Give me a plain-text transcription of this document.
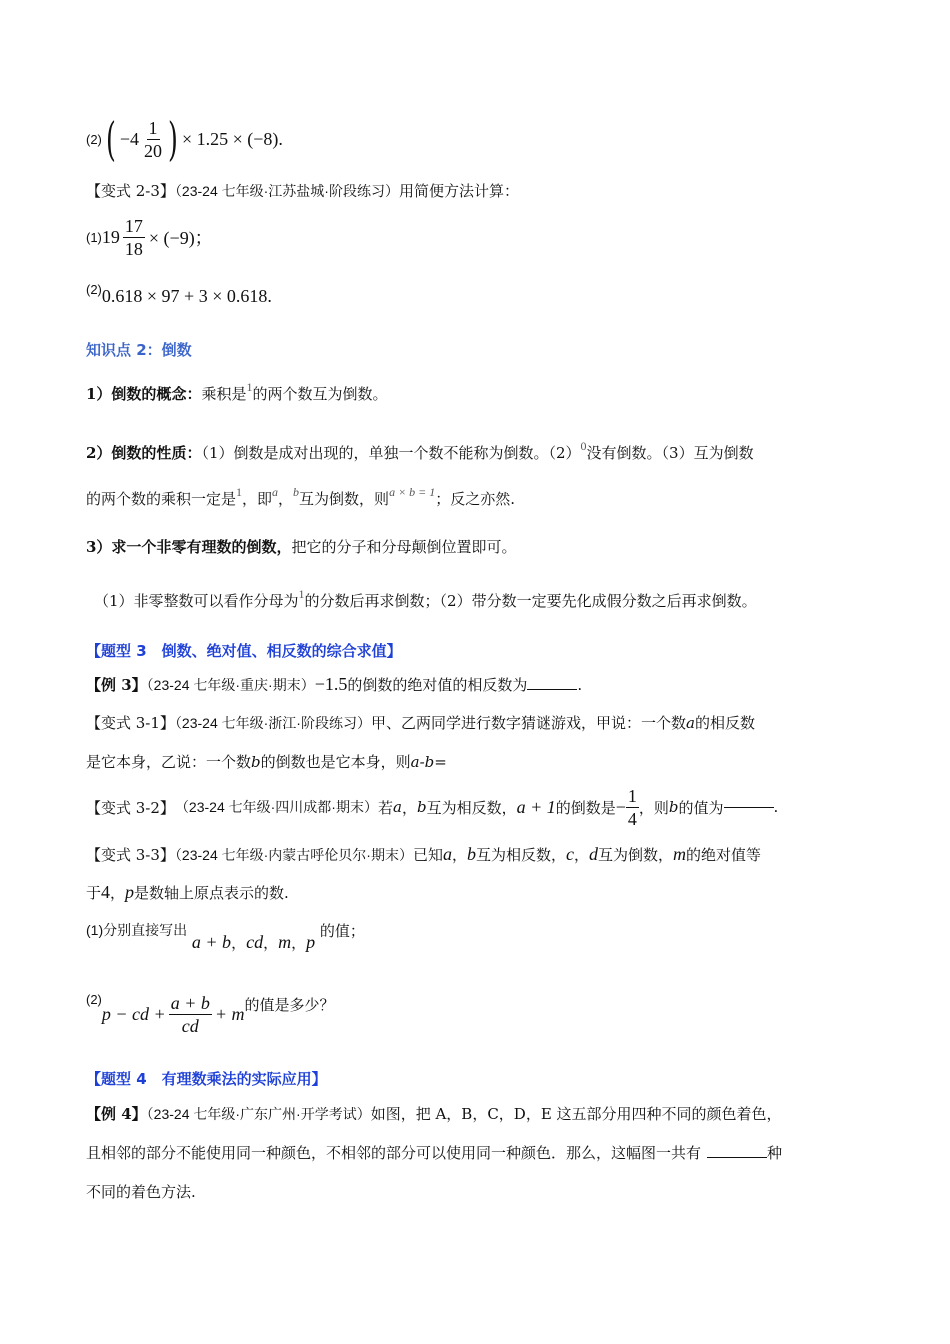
(2) ( $-4 \frac{1}{20}$ ) × 1.25 × (−8).
【变式 2-3】（23-24 七年级·江苏盐城·阶段练习）用简便方法计算：
(1) $19 \frac{17}{18} \times (-9)$；
(2)0.618 × 97 + 3 × 0.618.
知识点 2：倒数
1）倒数的概念：乘积是$^1$的两个数互为倒数。
2）倒数的性质：（1）倒数是成对出现的，单独一个数不能称为倒数。$(2)^0$没有倒数。（3）互为倒数
的两个数的乘积一定是$^1$，即$^a$，$^b$互为倒数，则$^{a \times b = 1}$；反之亦然.
3）求一个非零有理数的倒数，把它的分子和分母颠倒位置即可。
（1）非零整数可以看作分母为$^1$的分数后再求倒数；（2）带分数一定要先化成假分数之后再求倒数。
【题型 3　倒数、绝对值、相反数的综合求值】
【例 3】（23-24 七年级·重庆·期末）−1.5的倒数的绝对值的相反数为	.
【变式 3-1】（23-24 七年级·浙江·阶段练习）甲、乙两同学进行数字猜谜游戏，甲说：一个数a的相反数
是它本身，乙说：一个数b的倒数也是它本身，则a-b=
【变式 3-2】 （23-24 七年级·四川成都·期末） 若 a ， b 互为相反数， a + 1 的倒数是 − $\frac{1}{4}$ ，则 b 的值为	.
【变式 3-3】（23-24 七年级·内蒙古呼伦贝尔·期末）已知a，b互为相反数，c，d互为倒数，m的绝对值等
于4，p是数轴上原点表示的数.
(1)分别直接写出 a + b，cd，m，p 的值；
(2)
p − cd + $\frac{a + b}{cd} + m$ 的值是多少？
【题型 4　有理数乘法的实际应用】
【例 4】（23-24 七年级·广东广州·开学考试）如图，把 A，B，C，D，E 这五部分用四种不同的颜色着色，
且相邻的部分不能使用同一种颜色，不相邻的部分可以使用同一种颜色．那么，这幅图一共有	种
不同的着色方法.
